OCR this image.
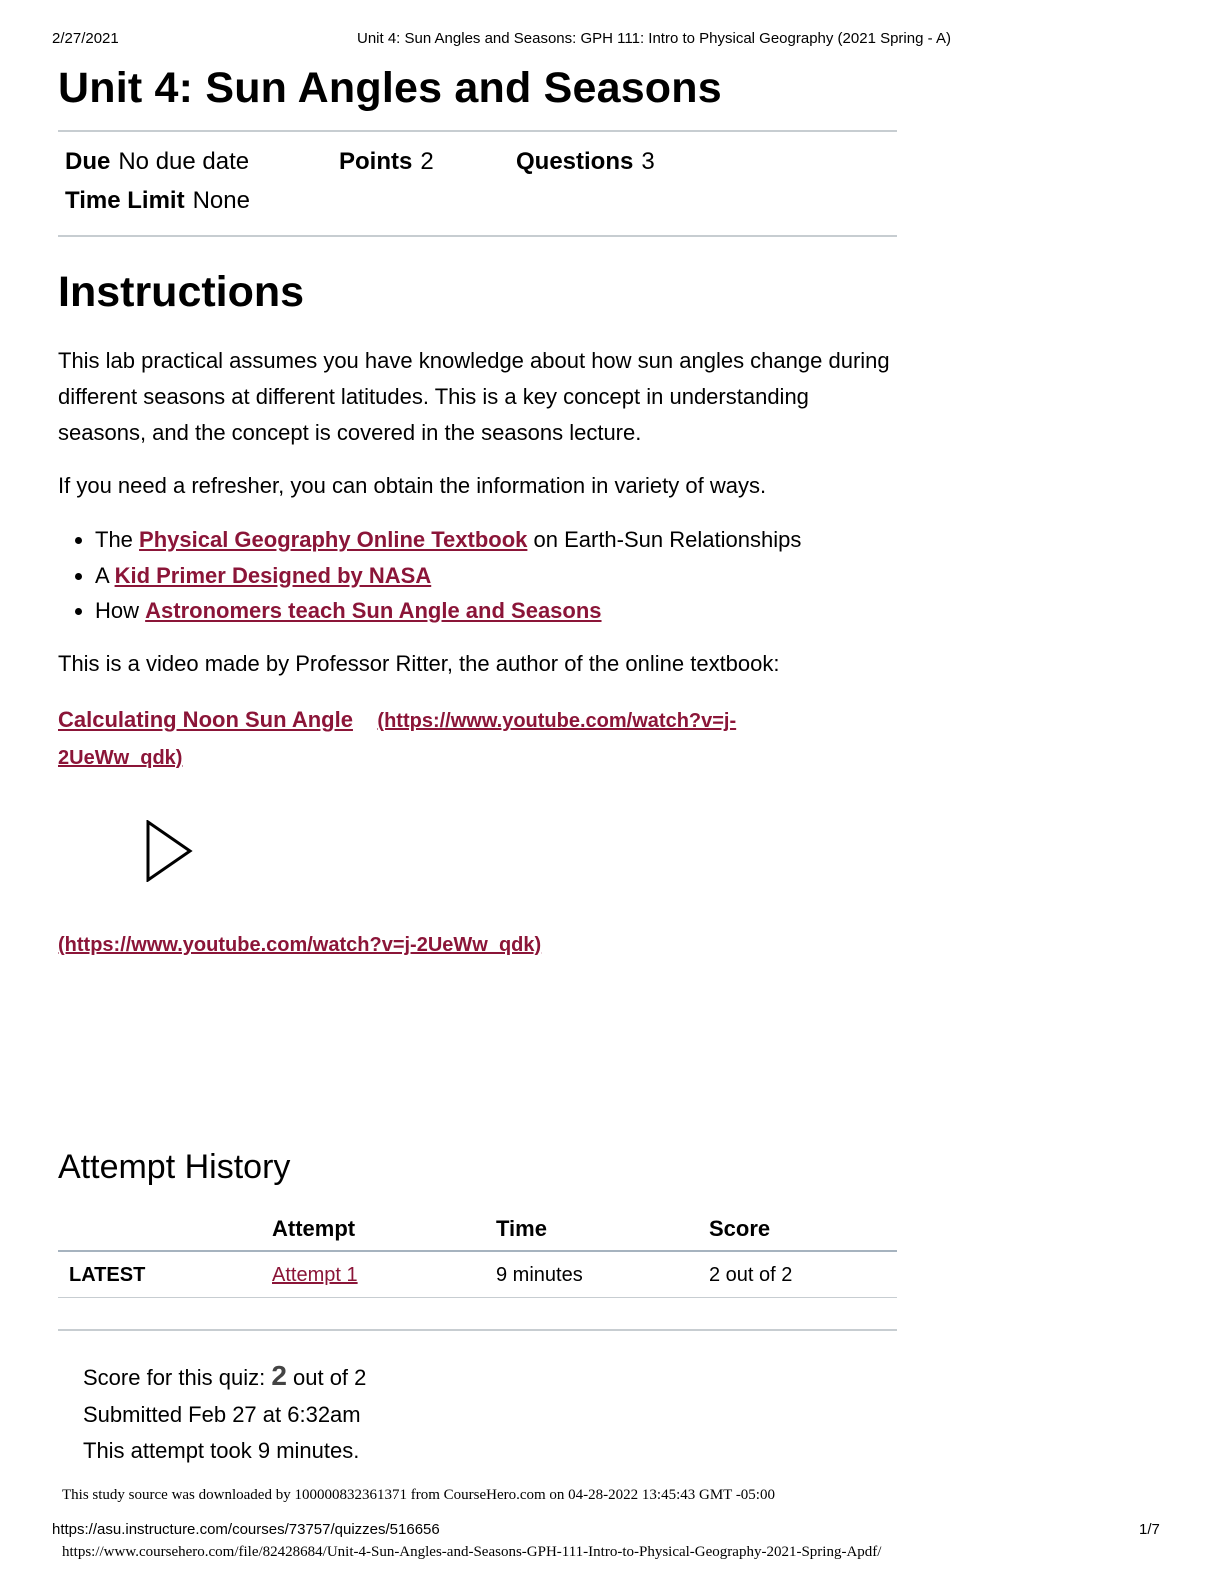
2/27/2021	Unit 4: Sun Angles and Seasons: GPH 111: Intro to Physical Geography (2021 Spring - A)
Unit 4: Sun Angles and Seasons
Due No due date	Points 2	Questions 3
Time Limit None
Instructions

This lab practical assumes you have knowledge about how sun angles change during different seasons at different latitudes. This is a key concept in understanding seasons, and the concept is covered in the seasons lecture.

If you need a refresher, you can obtain the information in variety of ways.

• The Physical Geography Online Textbook on Earth-Sun Relationships
• A Kid Primer Designed by NASA
• How Astronomers teach Sun Angle and Seasons

This is a video made by Professor Ritter, the author of the online textbook:

Calculating Noon Sun Angle (https://www.youtube.com/watch?v=j-2UeWw_qdk)
(https://www.youtube.com/watch?v=j-2UeWw_qdk)
Attempt History
	Attempt	Time	Score
LATEST	Attempt 1	9 minutes	2 out of 2
Score for this quiz: 2 out of 2
Submitted Feb 27 at 6:32am
This attempt took 9 minutes.
This study source was downloaded by 100000832361371 from CourseHero.com on 04-28-2022 13:45:43 GMT -05:00
https://asu.instructure.com/courses/73757/quizzes/516656	1/7
https://www.coursehero.com/file/82428684/Unit-4-Sun-Angles-and-Seasons-GPH-111-Intro-to-Physical-Geography-2021-Spring-Apdf/
